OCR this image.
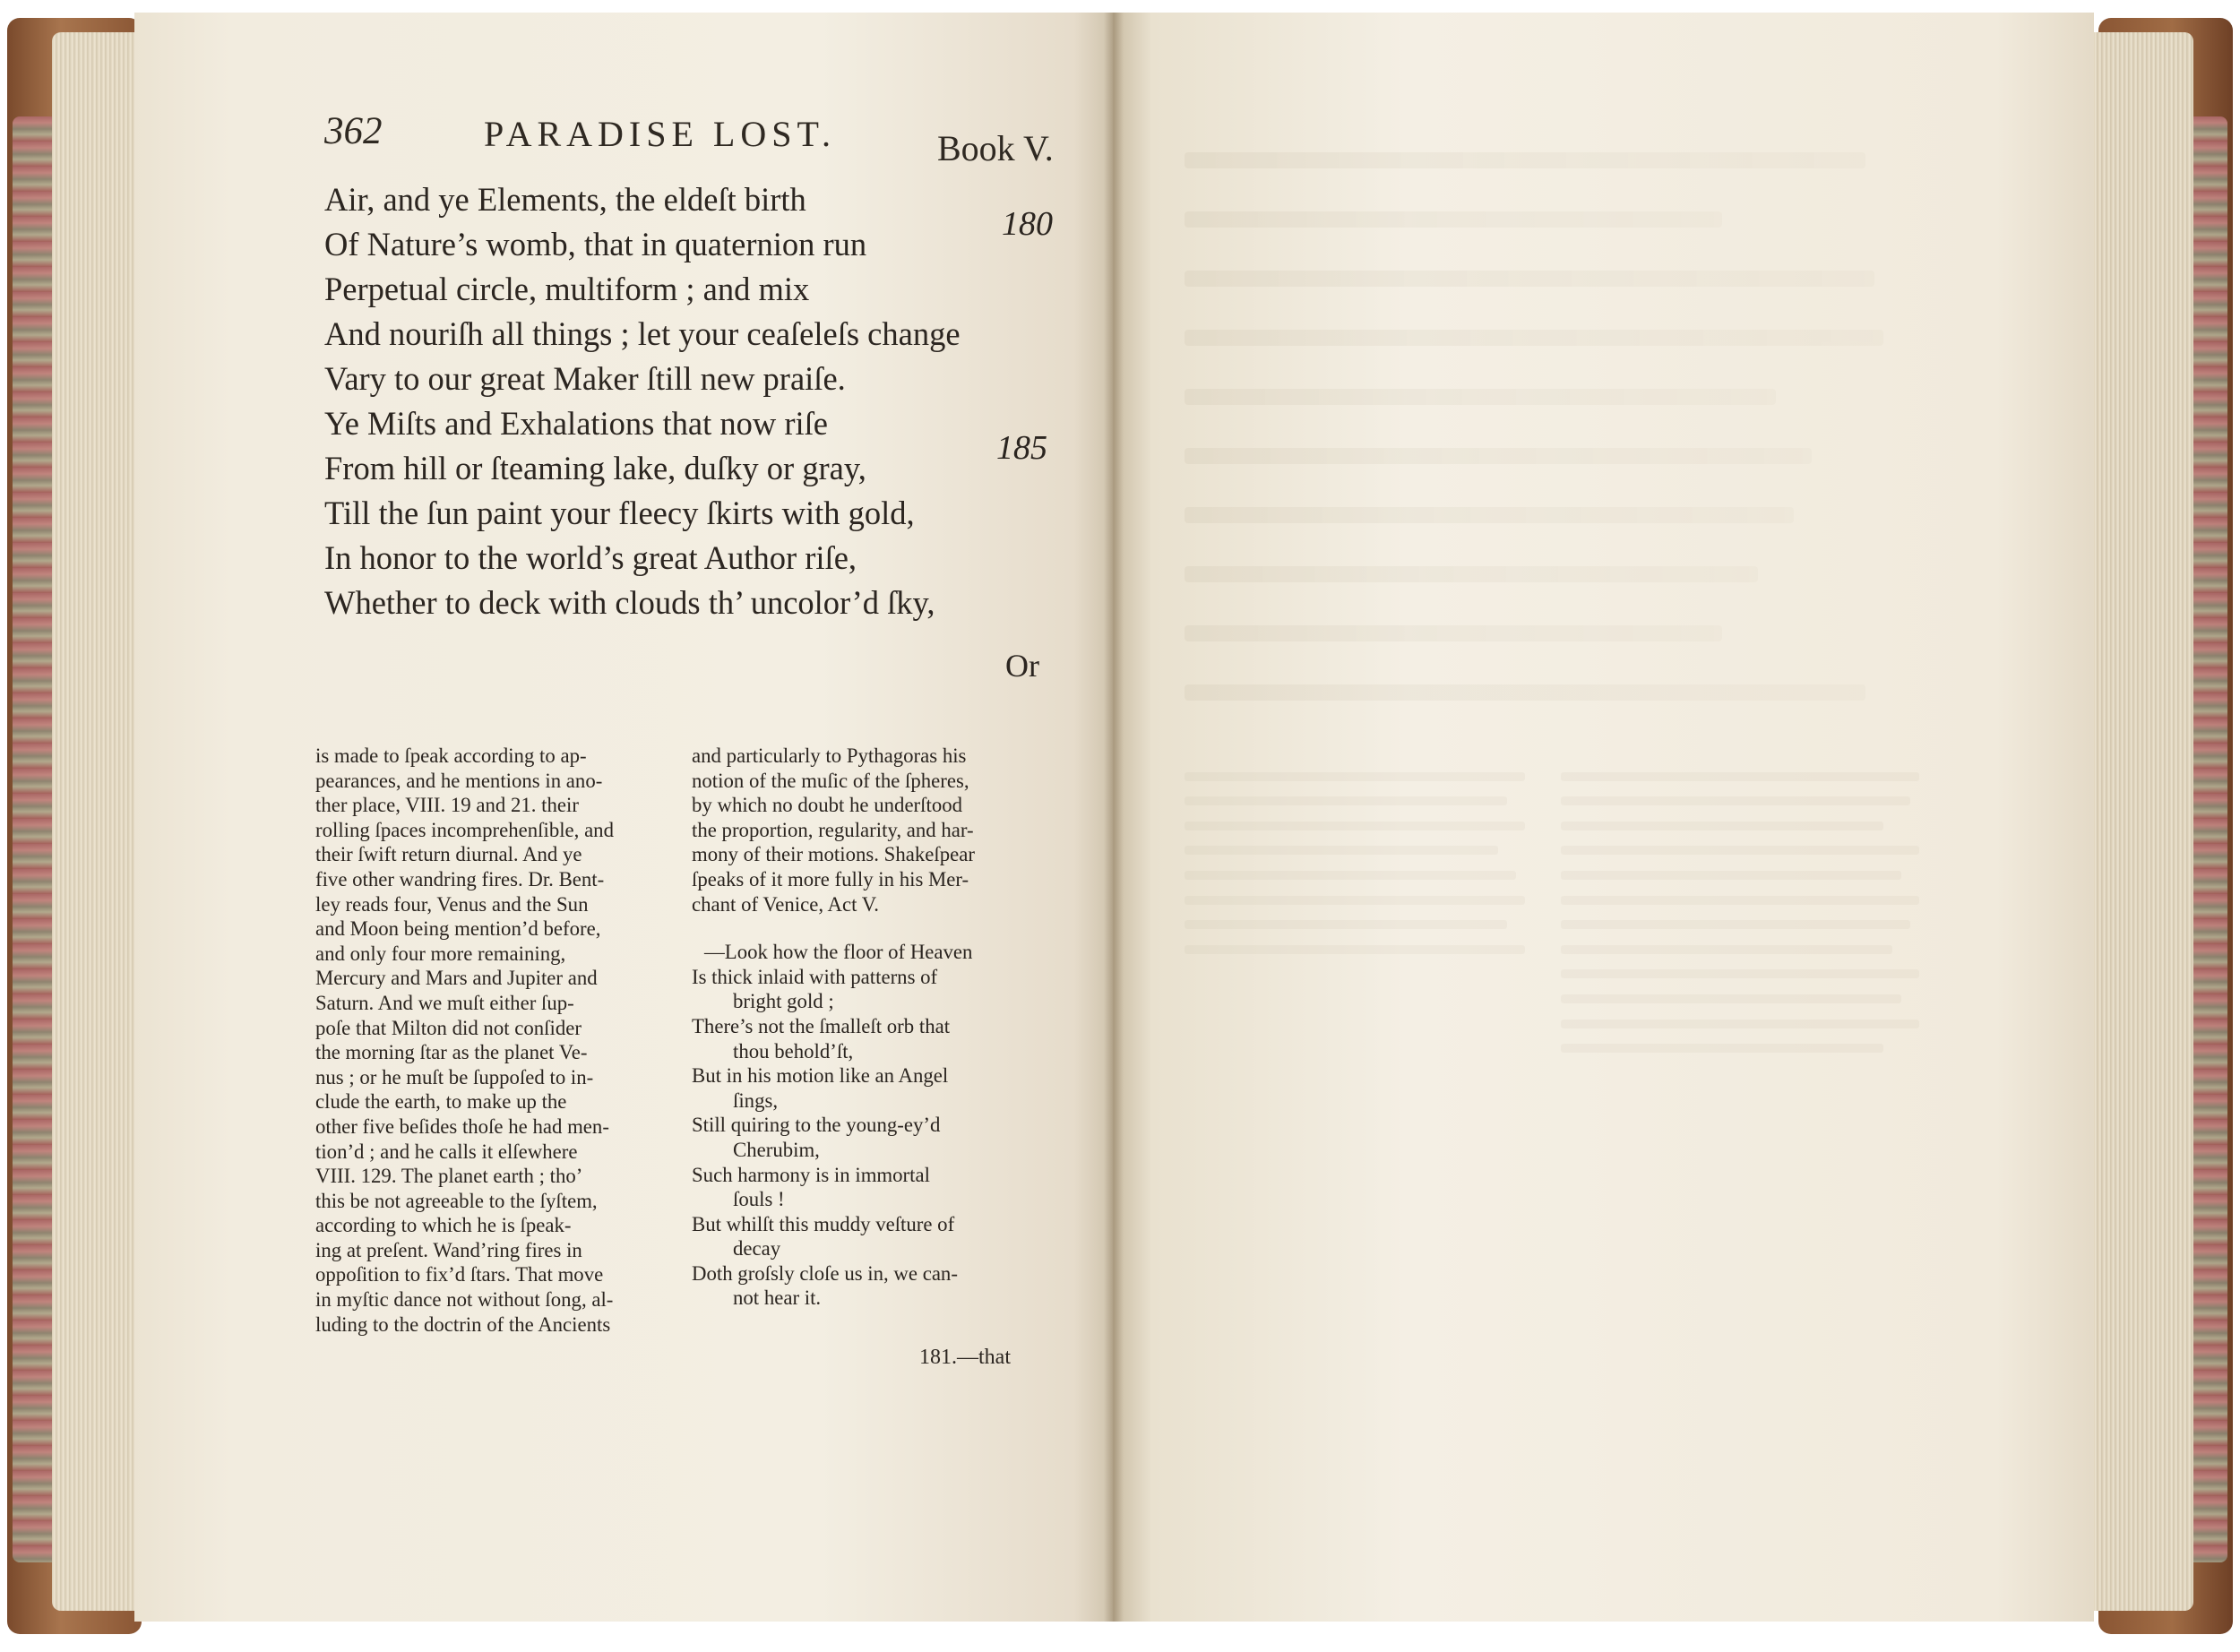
362	PARADISE LOST.	Book V.
Air, and ye Elements, the eldeſt birth
Of Nature’s womb, that in quaternion run
Perpetual circle, multiform ; and mix
And nouriſh all things ; let your ceaſeleſs change
Vary to our great Maker ſtill new praiſe.
Ye Miſts and Exhalations that now riſe
From hill or ſteaming lake, duſky or gray,
Till the ſun paint your fleecy ſkirts with gold,
In honor to the world’s great Author riſe,
Whether to deck with clouds th’ uncolor’d ſky,
180
185
Or
is made to ſpeak according to ap-
pearances, and he mentions in ano-
ther place, VIII. 19 and 21. their
rolling ſpaces incomprehenſible, and
their ſwift return diurnal. And ye
five other wandring fires. Dr. Bent-
ley reads four, Venus and the Sun
and Moon being mention’d before,
and only four more remaining,
Mercury and Mars and Jupiter and
Saturn. And we muſt either ſup-
poſe that Milton did not conſider
the morning ſtar as the planet Ve-
nus ; or he muſt be ſuppoſed to in-
clude the earth, to make up the
other five beſides thoſe he had men-
tion’d ; and he calls it elſewhere
VIII. 129. The planet earth ; tho’
this be not agreeable to the ſyſtem,
according to which he is ſpeak-
ing at preſent. Wand’ring fires in
oppoſition to fix’d ſtars. That move
in myſtic dance not without ſong, al-
luding to the doctrin of the Ancients
and particularly to Pythagoras his
notion of the muſic of the ſpheres,
by which no doubt he underſtood
the proportion, regularity, and har-
mony of their motions. Shakeſpear
ſpeaks of it more fully in his Mer-
chant of Venice, Act V.
—Look how the floor of Heaven
Is thick inlaid with patterns of
bright gold ;
There’s not the ſmalleſt orb that
thou behold’ſt,
But in his motion like an Angel
ſings,
Still quiring to the young-ey’d
Cherubim,
Such harmony is in immortal
ſouls !
But whilſt this muddy veſture of
decay
Doth groſsly cloſe us in, we can-
not hear it.
181.—that
